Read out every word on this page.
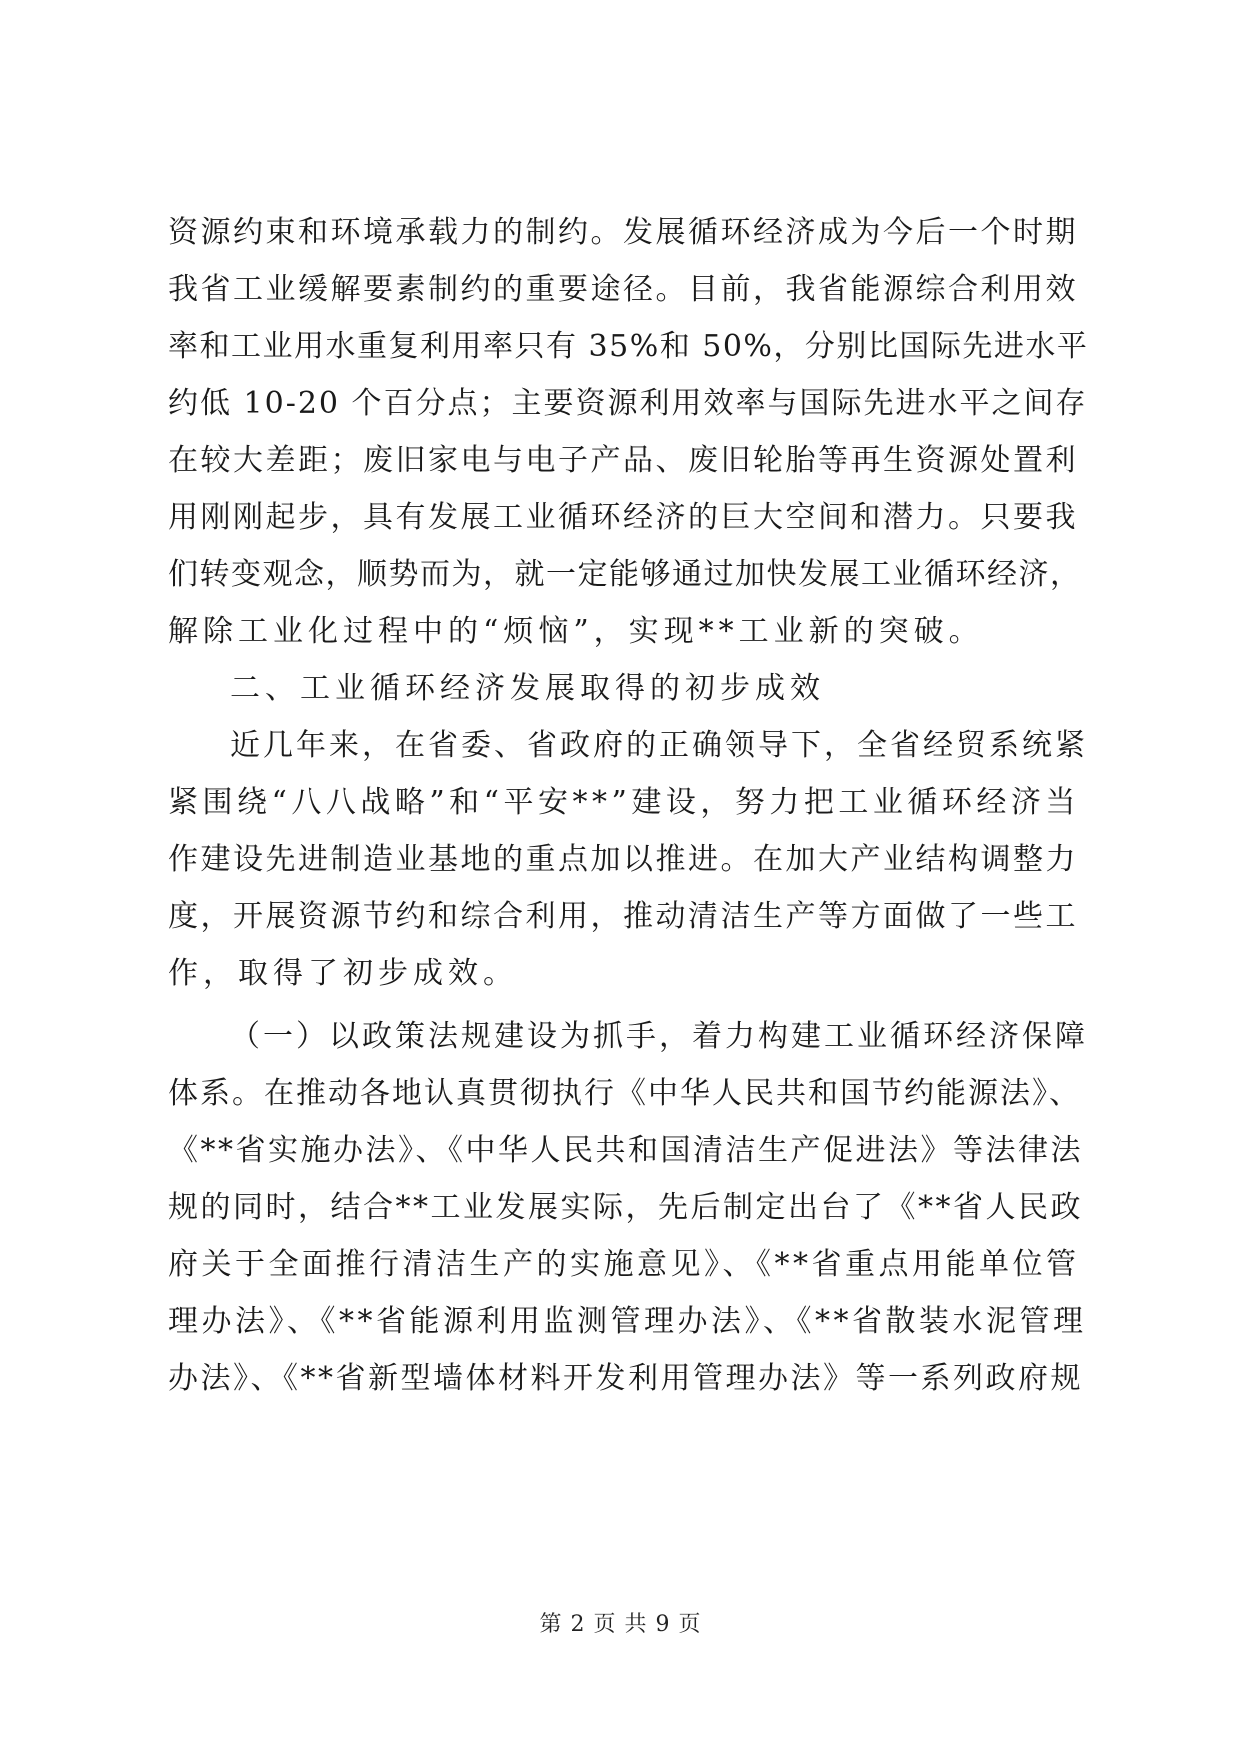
资源约束和环境承载力的制约。发展循环经济成为今后一个时期
我省工业缓解要素制约的重要途径。目前，我省能源综合利用效
率和工业用水重复利用率只有 35%和 50%，分别比国际先进水平
约低 10-20 个百分点；主要资源利用效率与国际先进水平之间存
在较大差距；废旧家电与电子产品、废旧轮胎等再生资源处置利
用刚刚起步，具有发展工业循环经济的巨大空间和潜力。只要我
们转变观念，顺势而为，就一定能够通过加快发展工业循环经济，
解除工业化过程中的“烦恼”，实现**工业新的突破。
二、工业循环经济发展取得的初步成效
近几年来，在省委、省政府的正确领导下，全省经贸系统紧
紧围绕“八八战略”和“平安**”建设，努力把工业循环经济当
作建设先进制造业基地的重点加以推进。在加大产业结构调整力
度，开展资源节约和综合利用，推动清洁生产等方面做了一些工
作，取得了初步成效。
（一）以政策法规建设为抓手，着力构建工业循环经济保障
体系。在推动各地认真贯彻执行《中华人民共和国节约能源法》、
《**省实施办法》、《中华人民共和国清洁生产促进法》等法律法
规的同时，结合**工业发展实际，先后制定出台了《**省人民政
府关于全面推行清洁生产的实施意见》、《**省重点用能单位管
理办法》、《**省能源利用监测管理办法》、《**省散装水泥管理
办法》、《**省新型墙体材料开发利用管理办法》等一系列政府规
第 2 页 共 9 页
